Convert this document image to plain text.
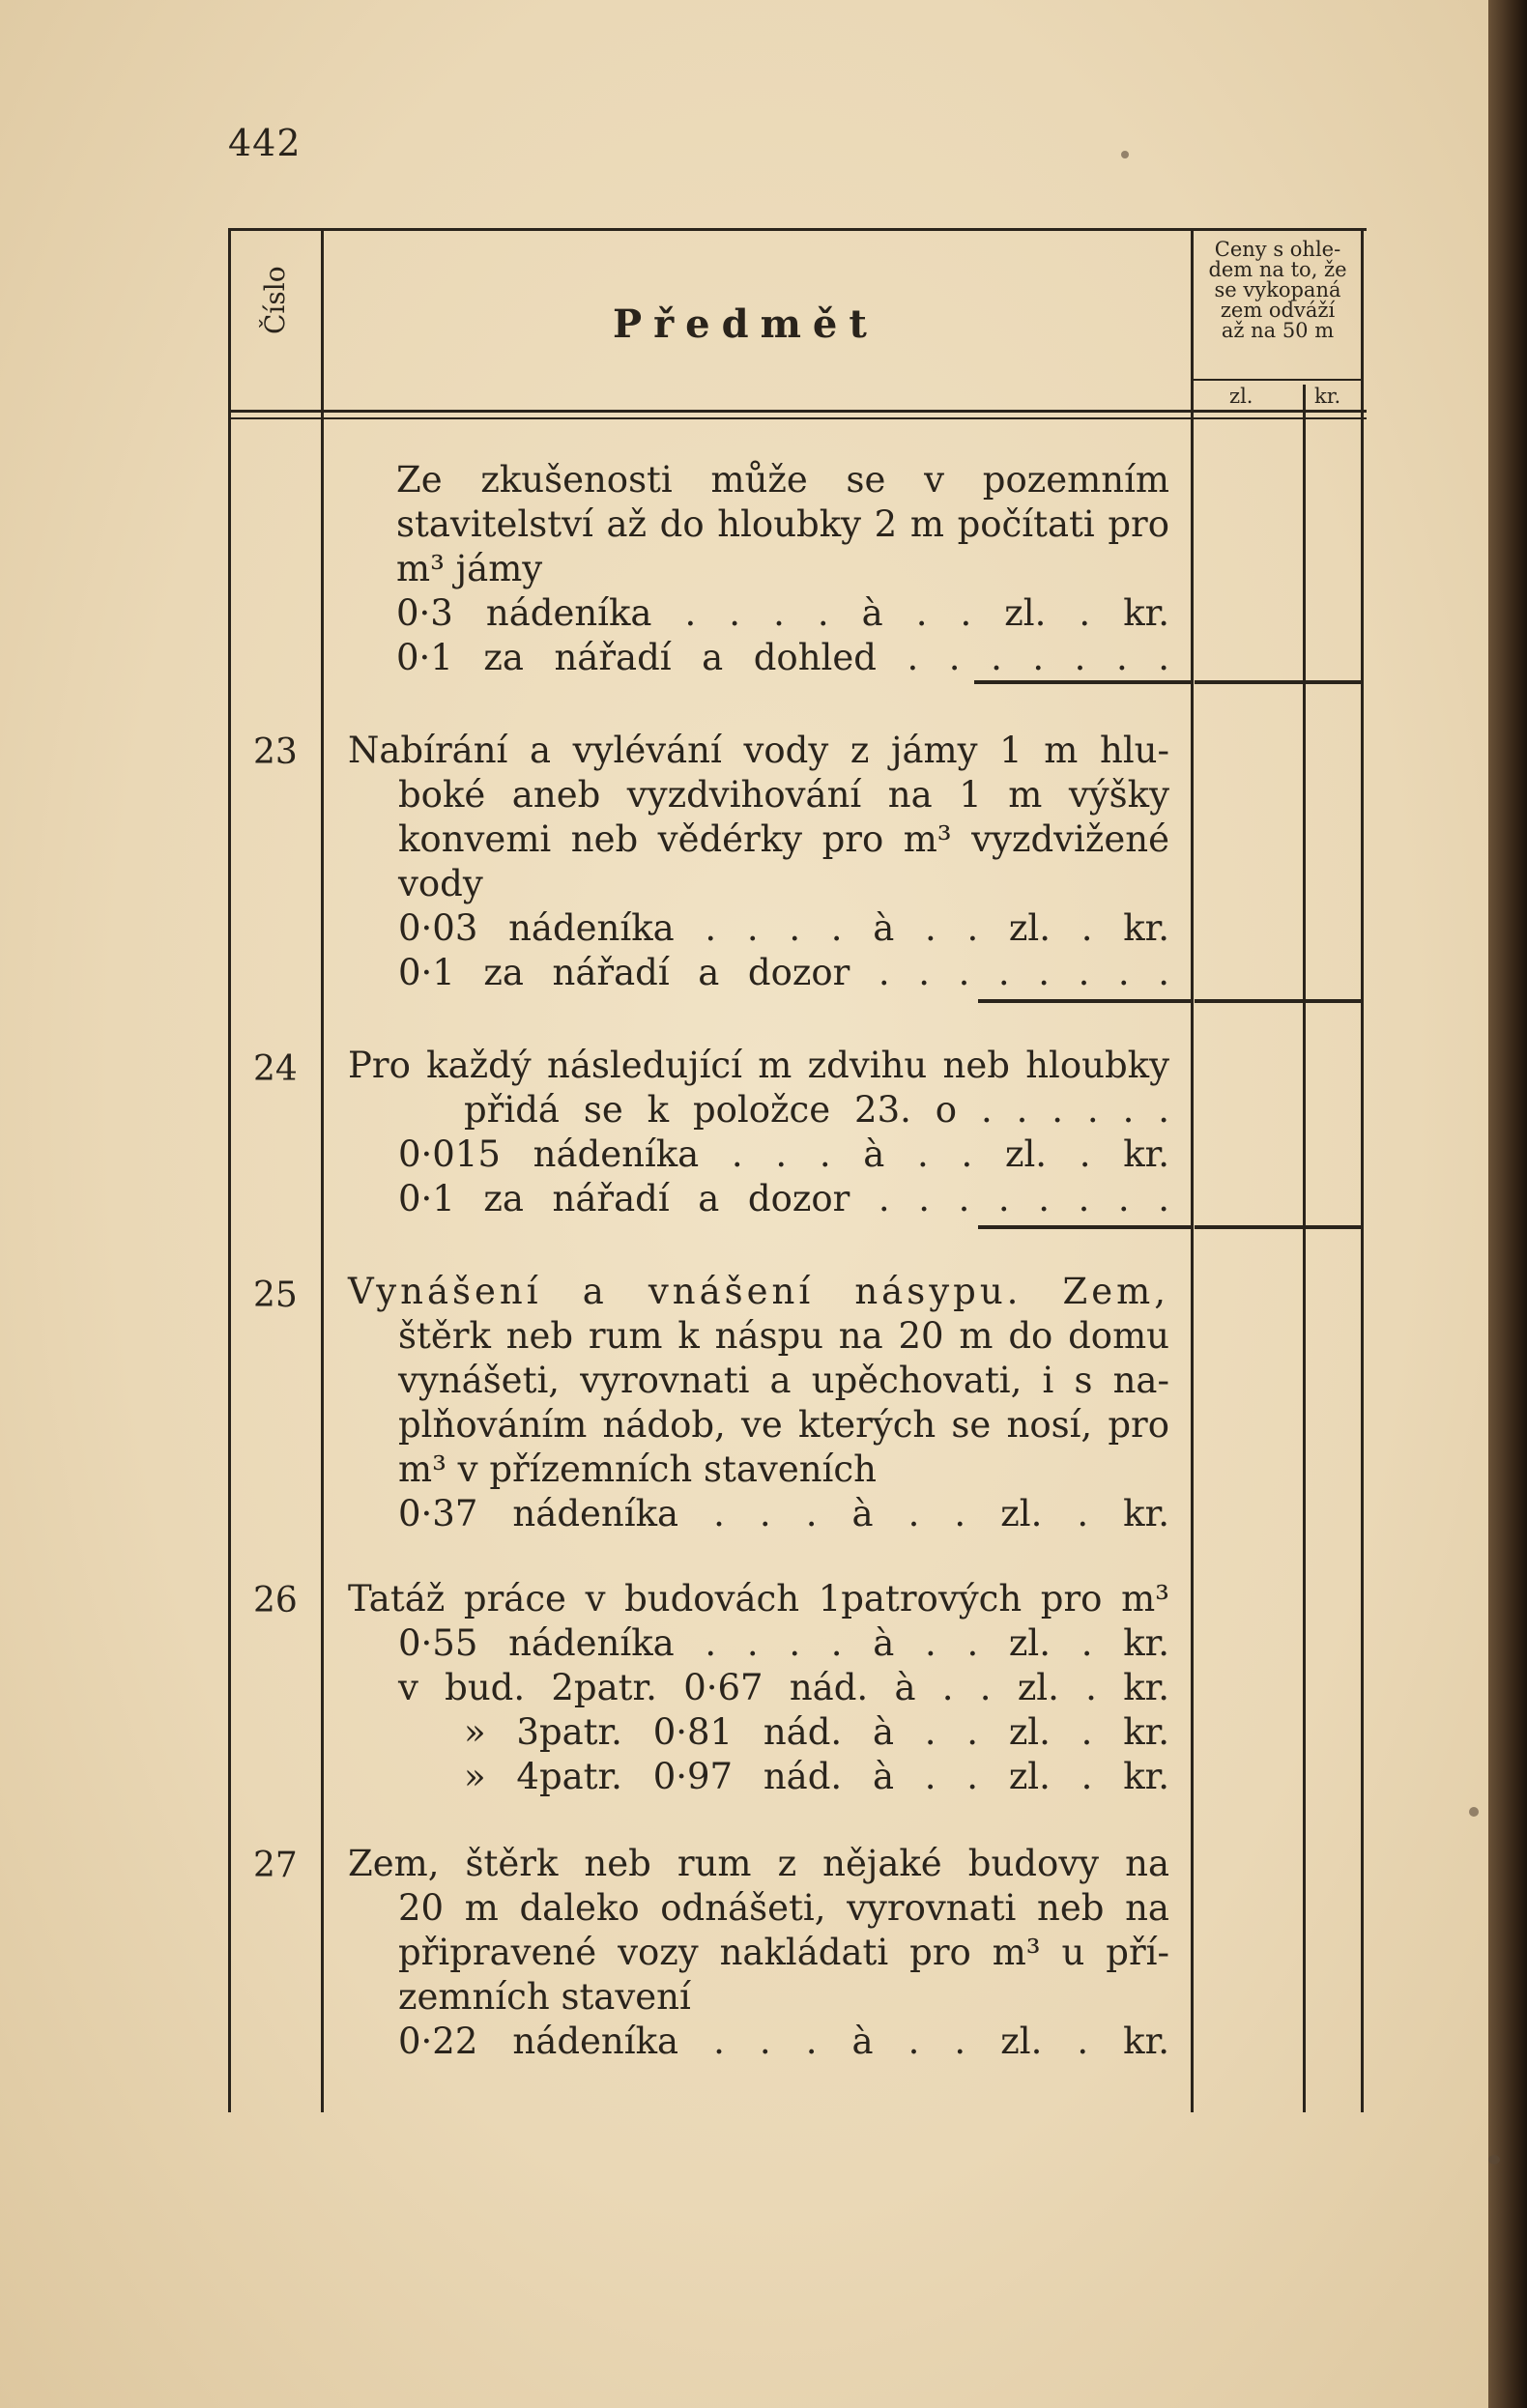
442
Číslo	Předmět
Ceny s ohle-
dem na to, že
se vykopaná
zem odváží
až na 50 m
zl.	kr.
Ze zkušenosti může se v pozemním
stavitelství až do hloubky 2 m počítati pro
m³ jámy
0·3 nádeníka . . . . à . . zl. . kr.
0·1 za nářadí a dohled . . . . . . .
23 Nabírání a vylévání vody z jámy 1 m hlu-
boké aneb vyzdvihování na 1 m výšky
konvemi neb vědérky pro m³ vyzdvižené
vody
0·03 nádeníka . . . . à . . zl. . kr.
0·1 za nářadí a dozor . . . . . . . .
24 Pro každý následující m zdvihu neb hloubky
přidá se k položce 23. o . . . . . .
0·015 nádeníka . . . à . . zl. . kr.
0·1 za nářadí a dozor . . . . . . . .
25 Vynášení a vnášení násypu. Zem,
štěrk neb rum k náspu na 20 m do domu
vynášeti, vyrovnati a upěchovati, i s na-
plňováním nádob, ve kterých se nosí, pro
m³ v přízemních staveních
0·37 nádeníka . . . à . . zl. . kr.
26 Tatáž práce v budovách 1patrových pro m³
0·55 nádeníka . . . . à . . zl. . kr.
v bud. 2patr. 0·67 nád. à . . zl. . kr.
» 3patr. 0·81 nád. à . . zl. . kr.
» 4patr. 0·97 nád. à . . zl. . kr.
27 Zem, štěrk neb rum z nějaké budovy na
20 m daleko odnášeti, vyrovnati neb na
připravené vozy nakládati pro m³ u pří-
zemních stavení
0·22 nádeníka . . . à . . zl. . kr.
